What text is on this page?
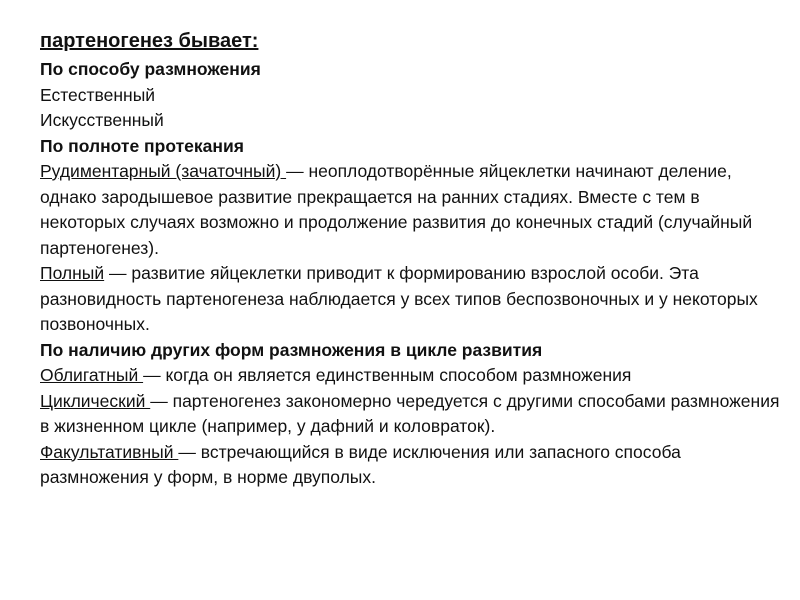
партеногенез бывает:
По способу размножения
Естественный
Искусственный
По полноте протекания
Рудиментарный (зачаточный) — неоплодотворённые яйцеклетки начинают деление, однако зародышевое развитие прекращается на ранних стадиях. Вместе с тем в некоторых случаях возможно и продолжение развития до конечных стадий (случайный партеногенез).
Полный — развитие яйцеклетки приводит к формированию взрослой особи. Эта разновидность партеногенеза наблюдается у всех типов беспозвоночных и у некоторых позвоночных.
По наличию других форм размножения в цикле развития
Облигатный — когда он является единственным способом размножения
Циклический — партеногенез закономерно чередуется с другими способами размножения в жизненном цикле (например, у дафний и коловраток).
Факультативный — встречающийся в виде исключения или запасного способа размножения у форм, в норме двуполых.
